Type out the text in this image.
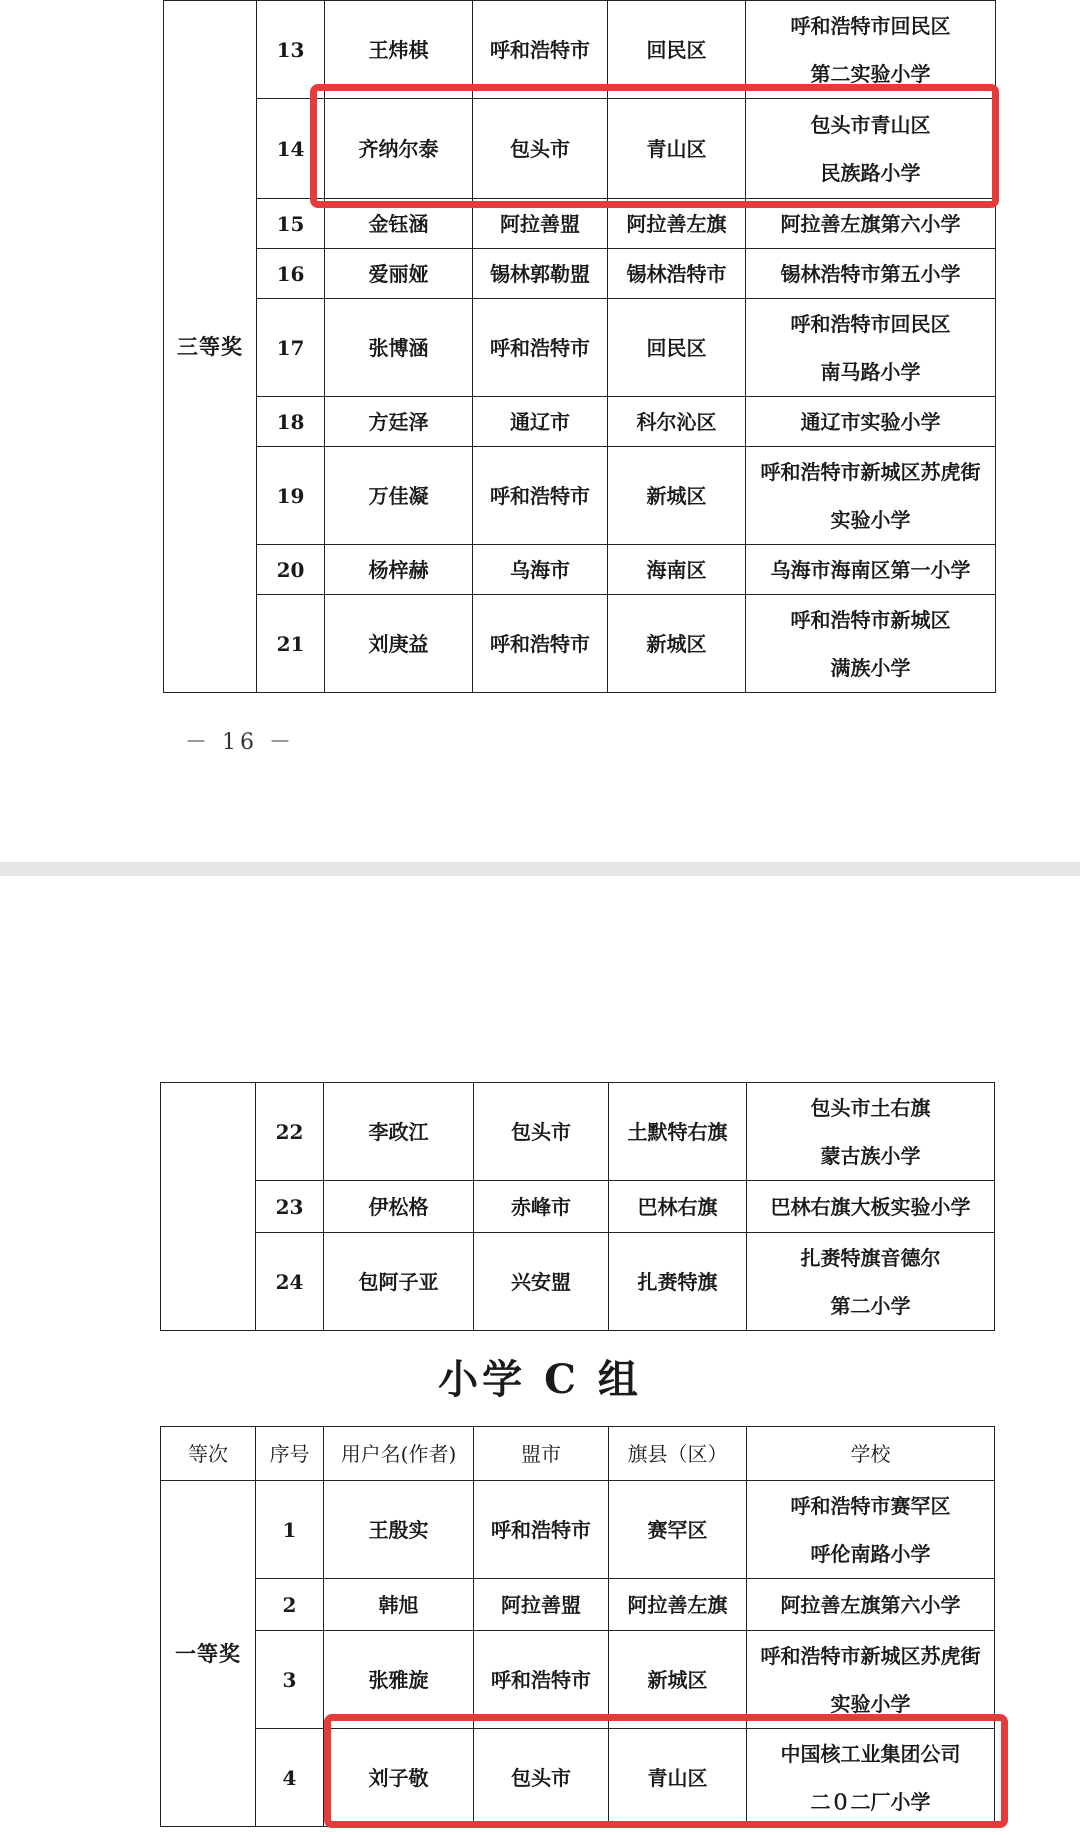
三等奖	13	王炜棋	呼和浩特市	回民区	呼和浩特市回民区
第二实验小学

	14	齐纳尔泰	包头市	青山区	包头市青山区
民族路小学

	15	金钰涵	阿拉善盟	阿拉善左旗	阿拉善左旗第六小学

	16	爱丽娅	锡林郭勒盟	锡林浩特市	锡林浩特市第五小学

	17	张博涵	呼和浩特市	回民区	呼和浩特市回民区
南马路小学

	18	方廷泽	通辽市	科尔沁区	通辽市实验小学

	19	万佳凝	呼和浩特市	新城区	呼和浩特市新城区苏虎街
实验小学

	20	杨梓赫	乌海市	海南区	乌海市海南区第一小学

	21	刘庚益	呼和浩特市	新城区	呼和浩特市新城区
满族小学
－ 16 －
	22	李政江	包头市	土默特右旗	包头市土右旗
蒙古族小学

	23	伊松格	赤峰市	巴林右旗	巴林右旗大板实验小学

	24	包阿子亚	兴安盟	扎赉特旗	扎赉特旗音德尔
第二小学
小学 C 组
等次	序号	用户名(作者)	盟市	旗县（区）	学校
一等奖	1	王殷实	呼和浩特市	赛罕区	呼和浩特市赛罕区
呼伦南路小学

	2	韩旭	阿拉善盟	阿拉善左旗	阿拉善左旗第六小学

	3	张雅旋	呼和浩特市	新城区	呼和浩特市新城区苏虎街
实验小学

	4	刘子敬	包头市	青山区	中国核工业集团公司
二０二厂小学
